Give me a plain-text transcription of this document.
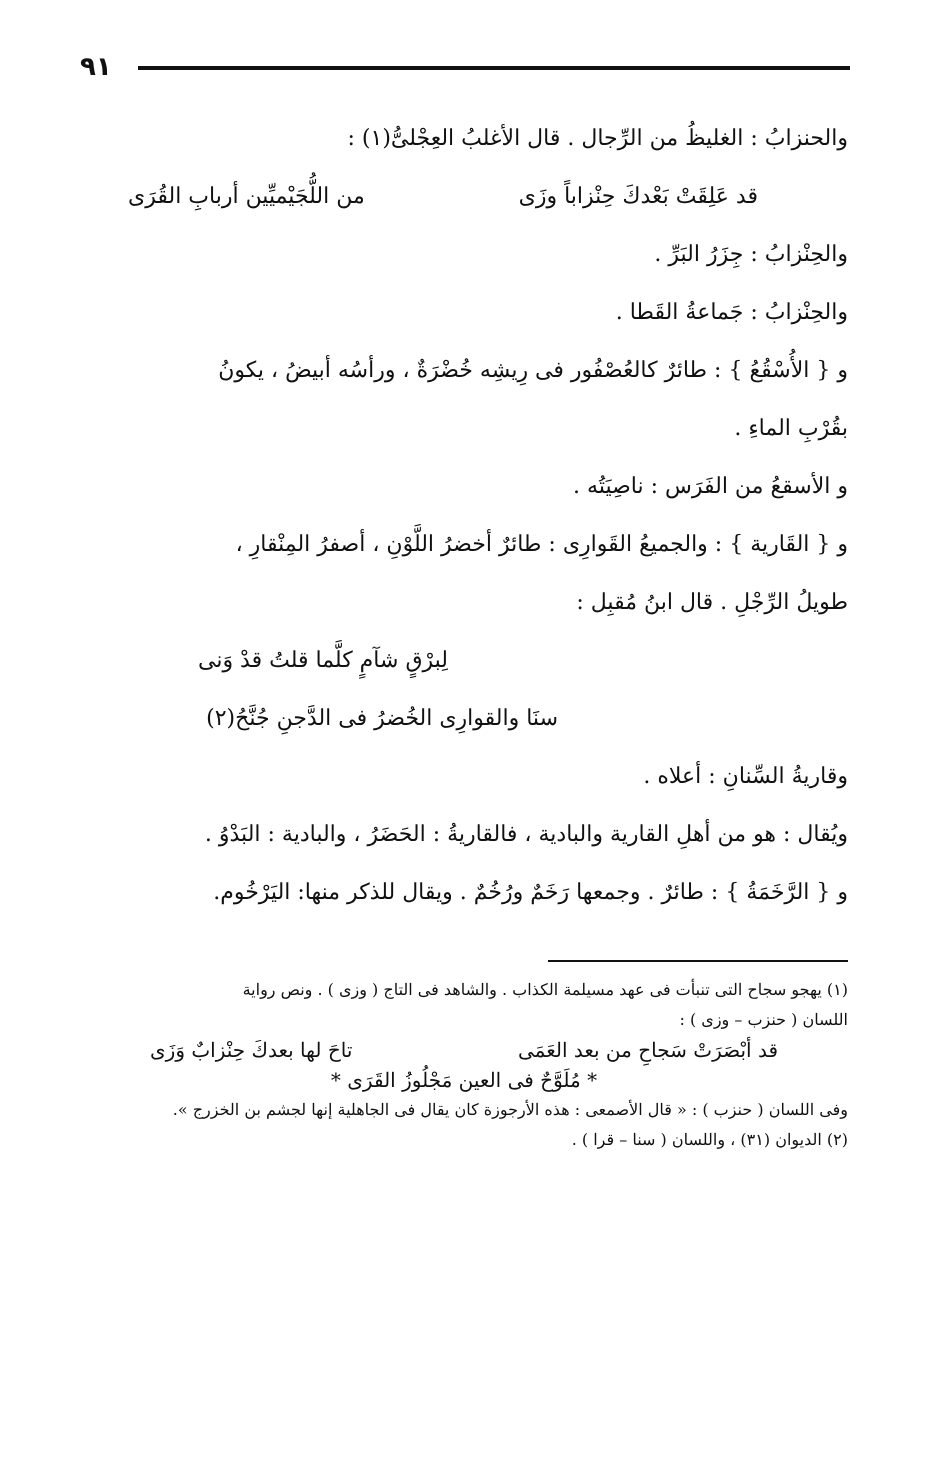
٩١
والحنزابُ : الغليظُ من الرِّجال . قال الأغلبُ العِجْلىُّ(١) :
قد عَلِقَتْ بَعْدكَ حِنْزاباً وزَى
من اللُّجَيْميِّين أربابِ القُرَى
والحِنْزابُ : جِزَرُ البَرِّ .
والحِنْزابُ : جَماعةُ القَطا .
و { الأُسْقُعُ } : طائرٌ كالعُصْفُور فى رِيشِه خُضْرَةٌ ، ورأسُه أبيضُ ، يكونُ
بقُرْبِ الماءِ .
و الأسقعُ من الفَرَس : ناصِيَتُه .
و { القَارية } : والجميعُ القَوارِى : طائرٌ أخضرُ اللَّوْنِ ، أصفرُ المِنْقارِ ،
طويلُ الرِّجْلِ . قال ابنُ مُقبِل :
لِبرْقٍ شآمٍ كلَّما قلتُ قدْ وَنى
سنَا والقوارِى الخُضرُ فى الدَّجنِ جُنَّحُ(٢)
وقاريةُ السِّنانِ : أعلاه .
ويُقال : هو من أهلِ القارية والبادية ، فالقاريةُ : الحَضَرُ ، والبادية : البَدْوُ .
و { الرَّخَمَةُ } : طائرٌ . وجمعها رَخَمٌ ورُخُمٌ . ويقال للذكر منها: اليَرْخُوم.
(١) يهجو سجاح التى تنبأت فى عهد مسيلمة الكذاب . والشاهد فى التاج ( وزى ) . ونص رواية
اللسان ( حنزب – وزى ) :
قد أبْصَرَتْ سَجاحِ من بعد العَمَى
تاحَ لها بعدكَ حِنْزابٌ وَزَى
* مُلَوَّحٌ فى العين مَجْلُوزُ القَرَى *
وفى اللسان ( حنزب ) : « قال الأصمعى : هذه الأرجوزة كان يقال فى الجاهلية إنها لجشم بن الخزرج ».
(٢) الديوان (٣١) ، واللسان ( سنا – قرا ) .
